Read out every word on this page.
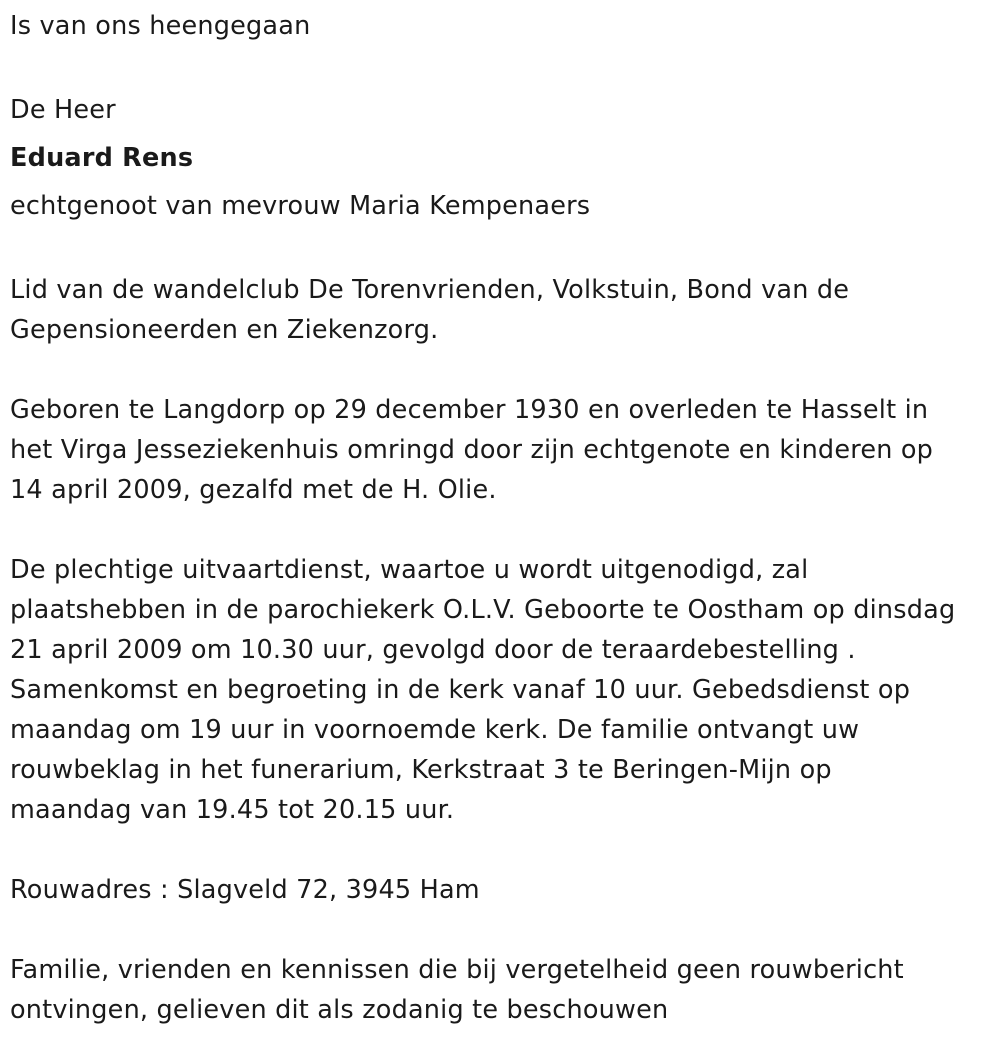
Is van ons heengegaan

De Heer

Eduard Rens

echtgenoot van mevrouw Maria Kempenaers

Lid van de wandelclub De Torenvrienden, Volkstuin, Bond van de
Gepensioneerden en Ziekenzorg.
Geboren te Langdorp op 29 december 1930 en overleden te Hasselt in
het Virga Jesseziekenhuis omringd door zijn echtgenote en kinderen op
14 april 2009, gezalfd met de H. Olie.
De plechtige uitvaartdienst, waartoe u wordt uitgenodigd, zal
plaatshebben in de parochiekerk O.L.V. Geboorte te Oostham op dinsdag
21 april 2009 om 10.30 uur, gevolgd door de teraardebestelling .
Samenkomst en begroeting in de kerk vanaf 10 uur. Gebedsdienst op
maandag om 19 uur in voornoemde kerk. De familie ontvangt uw
rouwbeklag in het funerarium, Kerkstraat 3 te Beringen-Mijn op
maandag van 19.45 tot 20.15 uur.

Rouwadres : Slagveld 72, 3945 Ham

Familie, vrienden en kennissen die bij vergetelheid geen rouwbericht
ontvingen, gelieven dit als zodanig te beschouwen
